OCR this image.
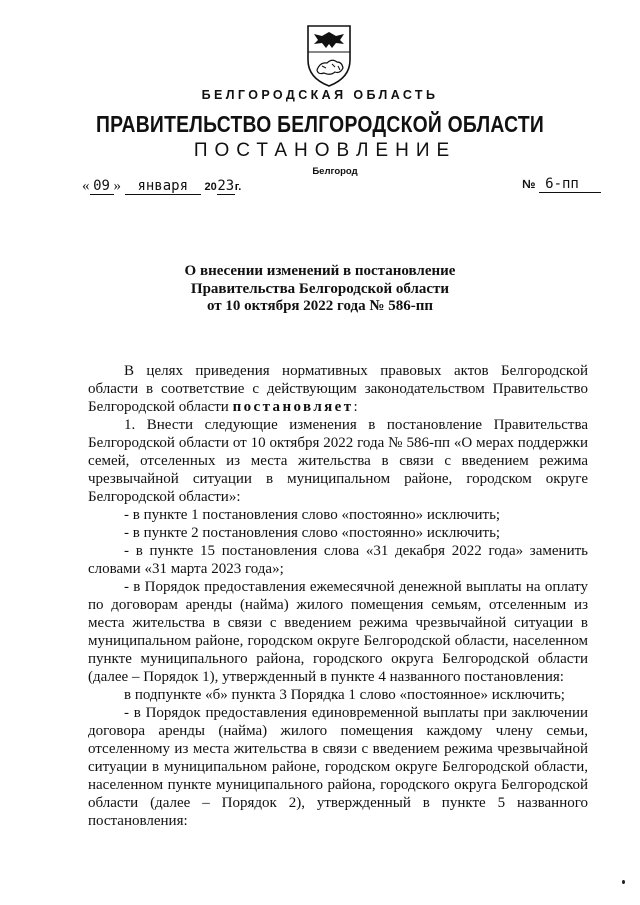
БЕЛГОРОДСКАЯ ОБЛАСТЬ
ПРАВИТЕЛЬСТВО БЕЛГОРОДСКОЙ ОБЛАСТИ
ПОСТАНОВЛЕНИЕ
Белгород
« 09 » января 2023г.	№ 6-пп
О внесении изменений в постановление
Правительства Белгородской области
от 10 октября 2022 года № 586-пп

В целях приведения нормативных правовых актов Белгородской области в соответствие с действующим законодательством Правительство Белгородской области постановляет:

1. Внести следующие изменения в постановление Правительства Белгородской области от 10 октября 2022 года № 586-пп «О мерах поддержки семей, отселенных из места жительства в связи с введением режима чрезвычайной ситуации в муниципальном районе, городском округе Белгородской области»:

- в пункте 1 постановления слово «постоянно» исключить;

- в пункте 2 постановления слово «постоянно» исключить;

- в пункте 15 постановления слова «31 декабря 2022 года» заменить словами «31 марта 2023 года»;

- в Порядок предоставления ежемесячной денежной выплаты на оплату по договорам аренды (найма) жилого помещения семьям, отселенным из места жительства в связи с введением режима чрезвычайной ситуации в муниципальном районе, городском округе Белгородской области, населенном пункте муниципального района, городского округа Белгородской области (далее – Порядок 1), утвержденный в пункте 4 названного постановления:

в подпункте «б» пункта 3 Порядка 1 слово «постоянное» исключить;

- в Порядок предоставления единовременной выплаты при заключении договора аренды (найма) жилого помещения каждому члену семьи, отселенному из места жительства в связи с введением режима чрезвычайной ситуации в муниципальном районе, городском округе Белгородской области, населенном пункте муниципального района, городского округа Белгородской области (далее – Порядок 2), утвержденный в пункте 5 названного постановления:
